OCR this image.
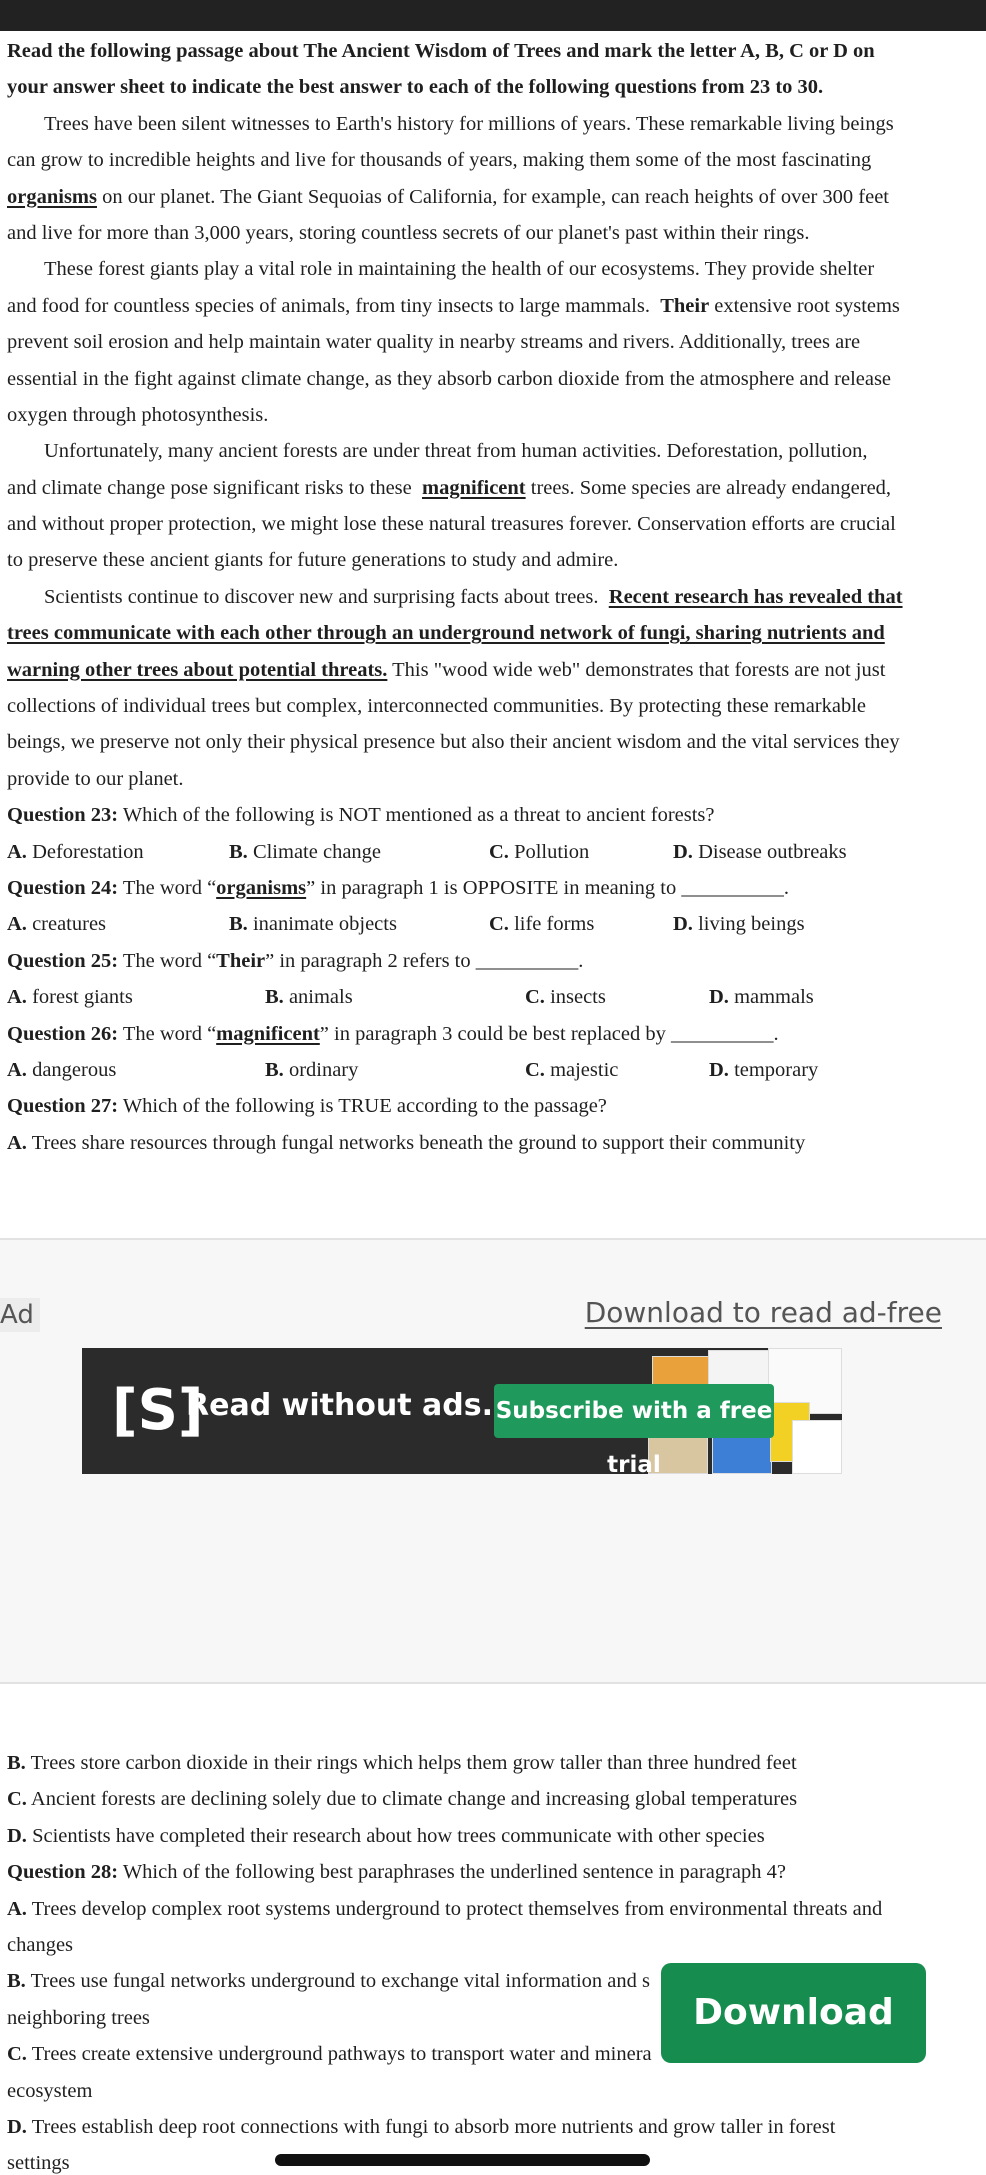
Read the following passage about The Ancient Wisdom of Trees and mark the letter A, B, C or D on
your answer sheet to indicate the best answer to each of the following questions from 23 to 30.
Trees have been silent witnesses to Earth's history for millions of years. These remarkable living beings
can grow to incredible heights and live for thousands of years, making them some of the most fascinating
organisms on our planet. The Giant Sequoias of California, for example, can reach heights of over 300 feet
and live for more than 3,000 years, storing countless secrets of our planet's past within their rings.
These forest giants play a vital role in maintaining the health of our ecosystems. They provide shelter
and food for countless species of animals, from tiny insects to large mammals. Their extensive root systems
prevent soil erosion and help maintain water quality in nearby streams and rivers. Additionally, trees are
essential in the fight against climate change, as they absorb carbon dioxide from the atmosphere and release
oxygen through photosynthesis.
Unfortunately, many ancient forests are under threat from human activities. Deforestation, pollution,
and climate change pose significant risks to these magnificent trees. Some species are already endangered,
and without proper protection, we might lose these natural treasures forever. Conservation efforts are crucial
to preserve these ancient giants for future generations to study and admire.
Scientists continue to discover new and surprising facts about trees. Recent research has revealed that
trees communicate with each other through an underground network of fungi, sharing nutrients and
warning other trees about potential threats. This "wood wide web" demonstrates that forests are not just
collections of individual trees but complex, interconnected communities. By protecting these remarkable
beings, we preserve not only their physical presence but also their ancient wisdom and the vital services they
provide to our planet.
Question 23: Which of the following is NOT mentioned as a threat to ancient forests?
A. Deforestation	B. Climate change	C. Pollution	D. Disease outbreaks
Question 24: The word “organisms” in paragraph 1 is OPPOSITE in meaning to __________.
A. creatures	B. inanimate objects	C. life forms	D. living beings
Question 25: The word “Their” in paragraph 2 refers to __________.
A. forest giants	B. animals	C. insects	D. mammals
Question 26: The word “magnificent” in paragraph 3 could be best replaced by __________.
A. dangerous	B. ordinary	C. majestic	D. temporary
Question 27: Which of the following is TRUE according to the passage?
A. Trees share resources through fungal networks beneath the ground to support their community
Ad	Download to read ad-free
[S]
Read without ads. Subscribe with a free trial
B. Trees store carbon dioxide in their rings which helps them grow taller than three hundred feet
C. Ancient forests are declining solely due to climate change and increasing global temperatures
D. Scientists have completed their research about how trees communicate with other species
Question 28: Which of the following best paraphrases the underlined sentence in paragraph 4?
A. Trees develop complex root systems underground to protect themselves from environmental threats and
changes
B. Trees use fungal networks underground to exchange vital information and s
neighboring trees
C. Trees create extensive underground pathways to transport water and minera
ecosystem
D. Trees establish deep root connections with fungi to absorb more nutrients and grow taller in forest
settings
Download
